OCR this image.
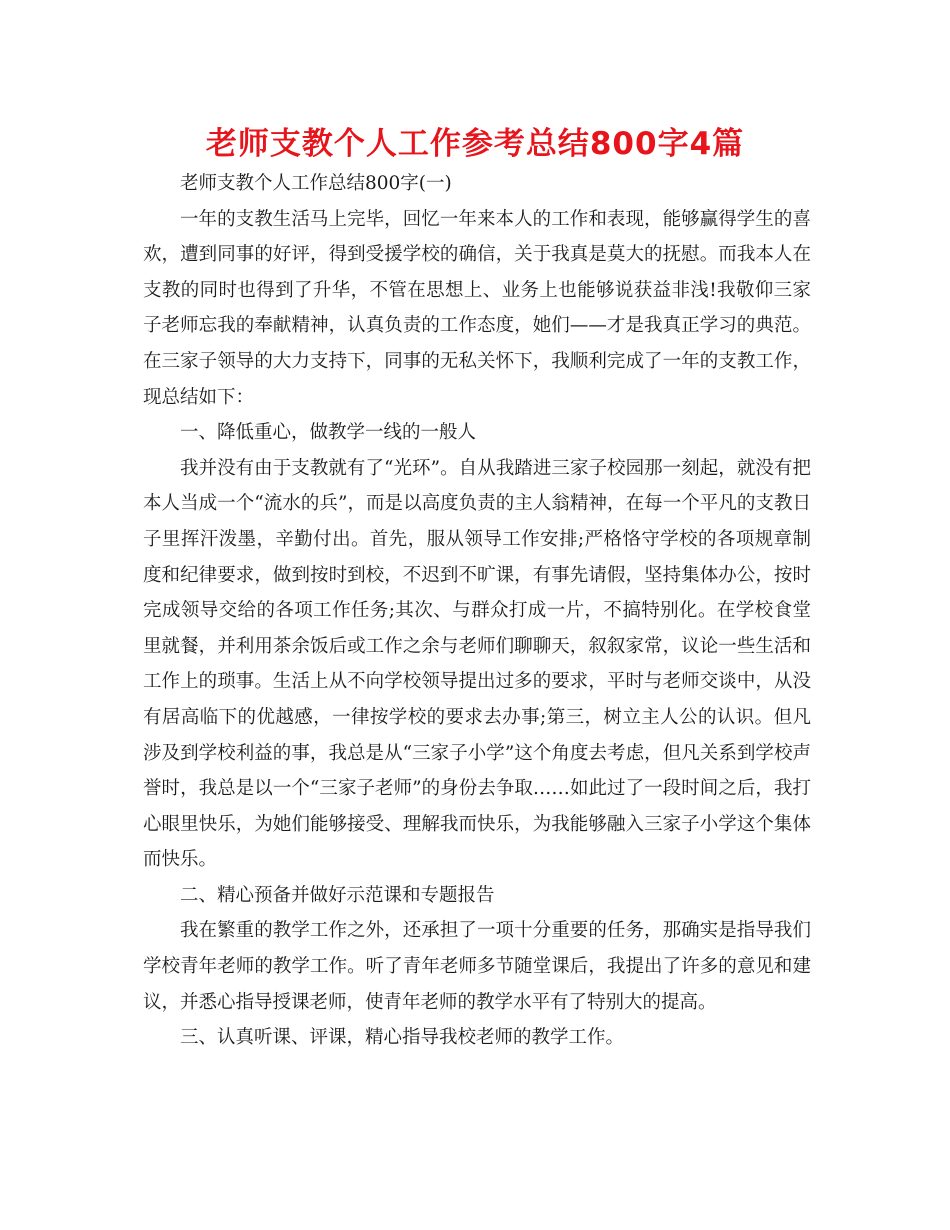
老师支教个人工作参考总结800字4篇

老师支教个人工作总结800字(一)

一年的支教生活马上完毕，回忆一年来本人的工作和表现，能够赢得学生的喜欢，遭到同事的好评，得到受援学校的确信，关于我真是莫大的抚慰。而我本人在支教的同时也得到了升华，不管在思想上、业务上也能够说获益非浅!我敬仰三家子老师忘我的奉献精神，认真负责的工作态度，她们——才是我真正学习的典范。在三家子领导的大力支持下，同事的无私关怀下，我顺利完成了一年的支教工作，现总结如下：

一、降低重心，做教学一线的一般人

我并没有由于支教就有了“光环”。自从我踏进三家子校园那一刻起，就没有把本人当成一个“流水的兵”，而是以高度负责的主人翁精神，在每一个平凡的支教日子里挥汗泼墨，辛勤付出。首先，服从领导工作安排;严格恪守学校的各项规章制度和纪律要求，做到按时到校，不迟到不旷课，有事先请假，坚持集体办公，按时完成领导交给的各项工作任务;其次、与群众打成一片，不搞特别化。在学校食堂里就餐，并利用茶余饭后或工作之余与老师们聊聊天，叙叙家常，议论一些生活和工作上的琐事。生活上从不向学校领导提出过多的要求，平时与老师交谈中，从没有居高临下的优越感，一律按学校的要求去办事;第三，树立主人公的认识。但凡涉及到学校利益的事，我总是从“三家子小学”这个角度去考虑，但凡关系到学校声誉时，我总是以一个“三家子老师”的身份去争取……如此过了一段时间之后，我打心眼里快乐，为她们能够接受、理解我而快乐，为我能够融入三家子小学这个集体而快乐。

二、精心预备并做好示范课和专题报告

我在繁重的教学工作之外，还承担了一项十分重要的任务，那确实是指导我们学校青年老师的教学工作。听了青年老师多节随堂课后，我提出了许多的意见和建议，并悉心指导授课老师，使青年老师的教学水平有了特别大的提高。

三、认真听课、评课，精心指导我校老师的教学工作。
